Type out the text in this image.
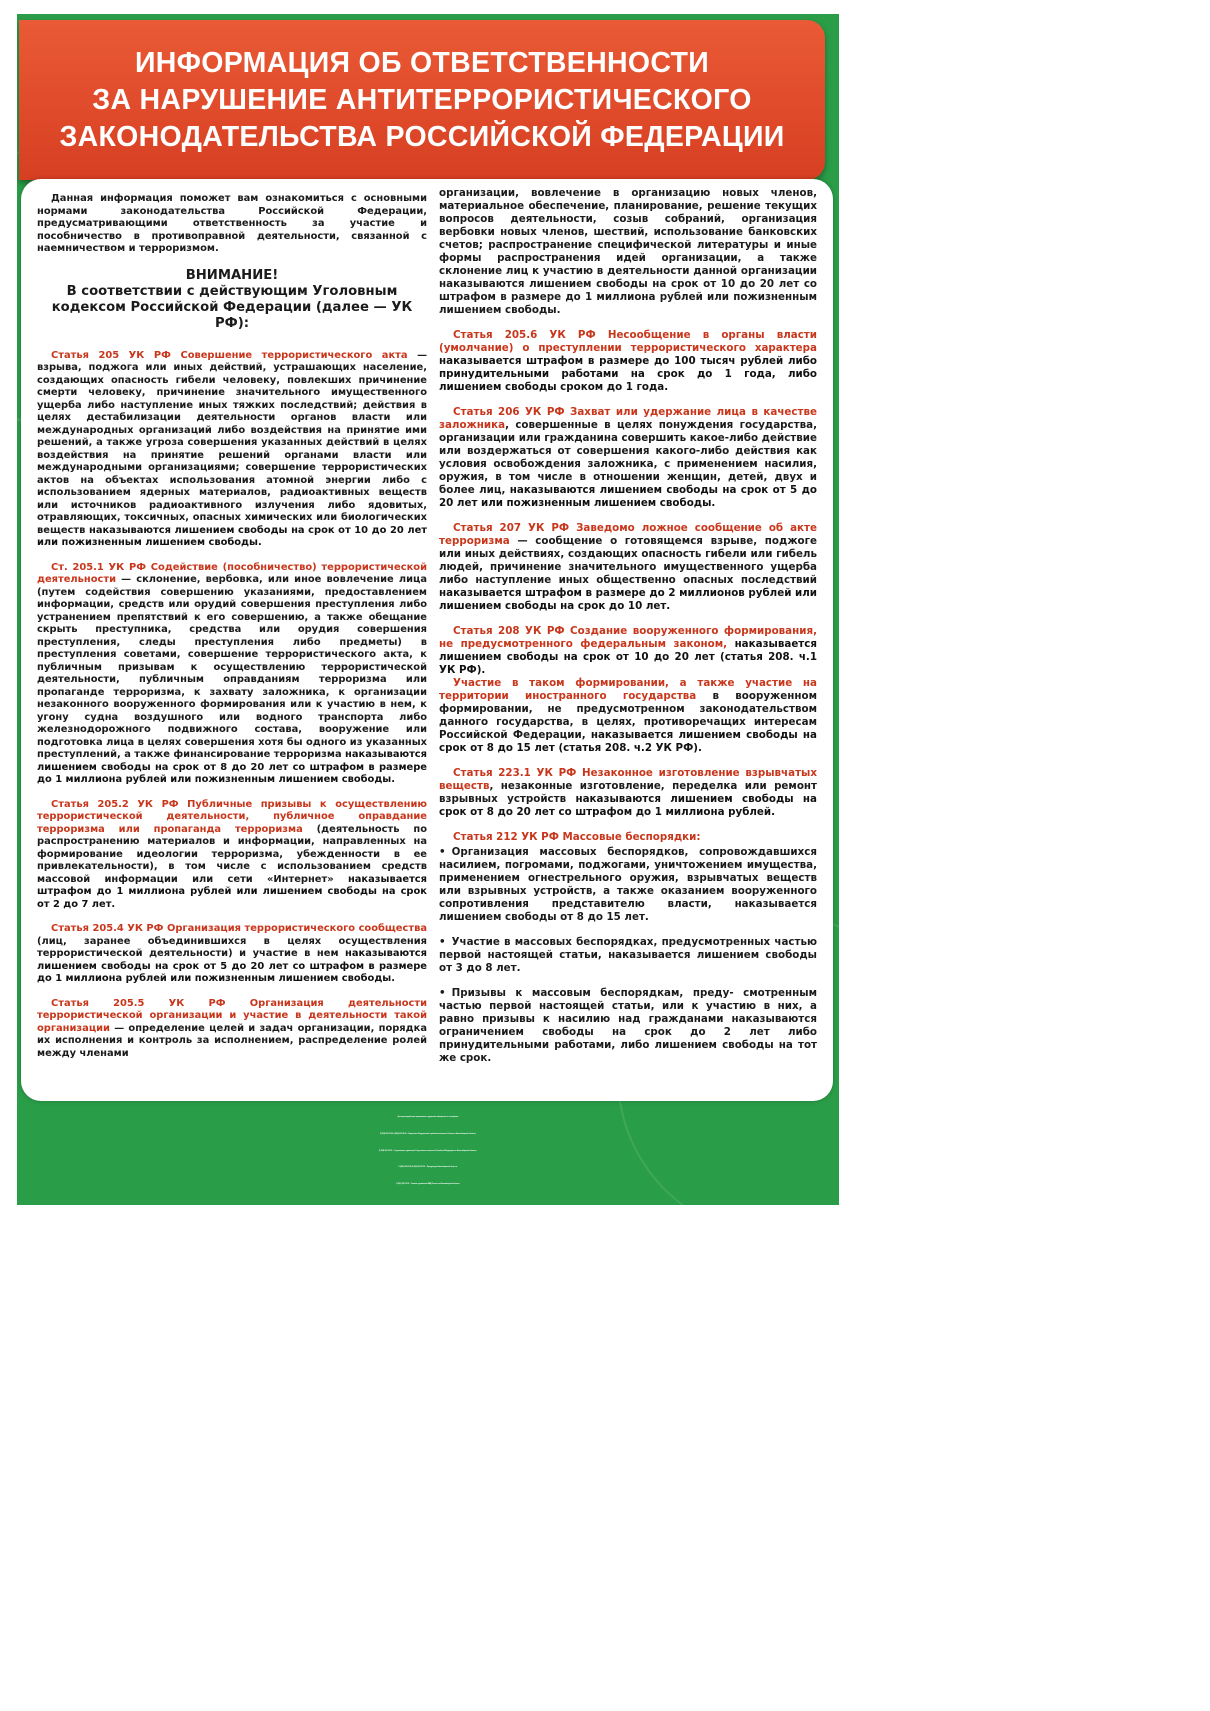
ИНФОРМАЦИЯ ОБ ОТВЕТСТВЕННОСТИ
ЗА НАРУШЕНИЕ АНТИТЕРРОРИСТИЧЕСКОГО
ЗАКОНОДАТЕЛЬСТВА РОССИЙСКОЙ ФЕДЕРАЦИИ

Данная информация поможет вам ознакомиться с основными нормами законодательства Российской Федерации, предусматривающими ответственность за участие и пособничество в противоправной деятельности, связанной с наемничеством и терроризмом.

ВНИМАНИЕ!
В соответствии с действующим Уголовным кодексом Российской Федерации (далее — УК РФ):

Статья 205 УК РФ Совершение террористического акта — взрыва, поджога или иных действий, устрашающих население, создающих опасность гибели человеку, повлекших причинение смерти человеку, причинение значительного имущественного ущерба либо наступление иных тяжких последствий; действия в целях дестабилизации деятельности органов власти или международных организаций либо воздействия на принятие ими решений, а также угроза совершения указанных действий в целях воздействия на принятие решений органами власти или международными организациями; совершение террористических актов на объектах использования атомной энергии либо с использованием ядерных материалов, радиоактивных веществ или источников радиоактивного излучения либо ядовитых, отравляющих, токсичных, опасных химических или биологических веществ наказываются лишением свободы на срок от 10 до 20 лет или пожизненным лишением свободы.

Ст. 205.1 УК РФ Содействие (пособничество) террористической деятельности — склонение, вербовка, или иное вовлечение лица (путем содействия совершению указаниями, предоставлением информации, средств или орудий совершения преступления либо устранением препятствий к его совершению, а также обещание скрыть преступника, средства или орудия совершения преступления, следы преступления либо предметы) в преступления советами, совершение террористического акта, к публичным призывам к осуществлению террористической деятельности, публичным оправданиям терроризма или пропаганде терроризма, к захвату заложника, к организации незаконного вооруженного формирования или к участию в нем, к угону судна воздушного или водного транспорта либо железнодорожного подвижного состава, вооружение или подготовка лица в целях совершения хотя бы одного из указанных преступлений, а также финансирование терроризма наказываются лишением свободы на срок от 8 до 20 лет со штрафом в размере до 1 миллиона рублей или пожизненным лишением свободы.

Статья 205.2 УК РФ Публичные призывы к осуществлению террористической деятельности, публичное оправдание терроризма или пропаганда терроризма (деятельность по распространению материалов и информации, направленных на формирование идеологии терроризма, убежденности в ее привлекательности), в том числе с использованием средств массовой информации или сети «Интернет» наказывается штрафом до 1 миллиона рублей или лишением свободы на срок от 2 до 7 лет.

Статья 205.4 УК РФ Организация террористического сообщества (лиц, заранее объединившихся в целях осуществления террористической деятельности) и участие в нем наказываются лишением свободы на срок от 5 до 20 лет со штрафом в размере до 1 миллиона рублей или пожизненным лишением свободы.

Статья 205.5 УК РФ Организация деятельности террористической организации и участие в деятельности такой организации — определение целей и задач организации, порядка их исполнения и контроль за исполнением, распределение ролей между членами

организации, вовлечение в организацию новых членов, материальное обеспечение, планирование, решение текущих вопросов деятельности, созыв собраний, организация вербовки новых членов, шествий, использование банковских счетов; распространение специфической литературы и иные формы распространения идей организации, а также склонение лиц к участию в деятельности данной организации наказываются лишением свободы на срок от 10 до 20 лет со штрафом в размере до 1 миллиона рублей или пожизненным лишением свободы.

Статья 205.6 УК РФ Несообщение в органы власти (умолчание) о преступлении террористического характера наказывается штрафом в размере до 100 тысяч рублей либо принудительными работами на срок до 1 года, либо лишением свободы сроком до 1 года.

Статья 206 УК РФ Захват или удержание лица в качестве заложника, совершенные в целях понуждения государства, организации или гражданина совершить какое-либо действие или воздержаться от совершения какого-либо действия как условия освобождения заложника, с применением насилия, оружия, в том числе в отношении женщин, детей, двух и более лиц, наказываются лишением свободы на срок от 5 до 20 лет или пожизненным лишением свободы.

Статья 207 УК РФ Заведомо ложное сообщение об акте терроризма — сообщение о готовящемся взрыве, поджоге или иных действиях, создающих опасность гибели или гибель людей, причинение значительного имущественного ущерба либо наступление иных общественно опасных последствий наказывается штрафом в размере до 2 миллионов рублей или лишением свободы на срок до 10 лет.

Статья 208 УК РФ Создание вооруженного формирования, не предусмотренного федеральным законом, наказывается лишением свободы на срок от 10 до 20 лет (статья 208. ч.1 УК РФ).

Участие в таком формировании, а также участие на территории иностранного государства в вооруженном формировании, не предусмотренном законодательством данного государства, в целях, противоречащих интересам Российской Федерации, наказывается лишением свободы на срок от 8 до 15 лет (статья 208. ч.2 УК РФ).

Статья 223.1 УК РФ Незаконное изготовление взрывчатых веществ, незаконные изготовление, переделка или ремонт взрывных устройств наказываются лишением свободы на срок от 8 до 20 лет со штрафом до 1 миллиона рублей.

Статья 212 УК РФ Массовые беспорядки:

• Организация массовых беспорядков, сопровождавшихся насилием, погромами, поджогами, уничтожением имущества, применением огнестрельного оружия, взрывчатых веществ или взрывных устройств, а также оказанием вооруженного сопротивления представителю власти, наказывается лишением свободы от 8 до 15 лет.

• Участие в массовых беспорядках, предусмотренных частью первой настоящей статьи, наказывается лишением свободы от 3 до 8 лет.

• Призывы к массовым беспорядкам, преду- смотренным частью первой настоящей статьи, или к участию в них, а равно призывы к насилию над гражданами наказываются ограничением свободы на срок до 2 лет либо принудительными работами, либо лишением свободы на тот же срок.

Для противодействия проявлениям терроризма обращаться по телефонам:
8 (383) 269-72-69, 8 (800) 231-05-05 – Управление Федеральной службы безопасности России по Новосибирской области;
8 (383) 203-57-39 – Следственное управление Следственного комитета Российской Федерации по Новосибирской области;
8 (383) 203-57-42, 8 (383) 203-57-39 – Прокуратура Новосибирской области;
8 (383) 232-75-76 – Главное управление МВД России по Новосибирской области
